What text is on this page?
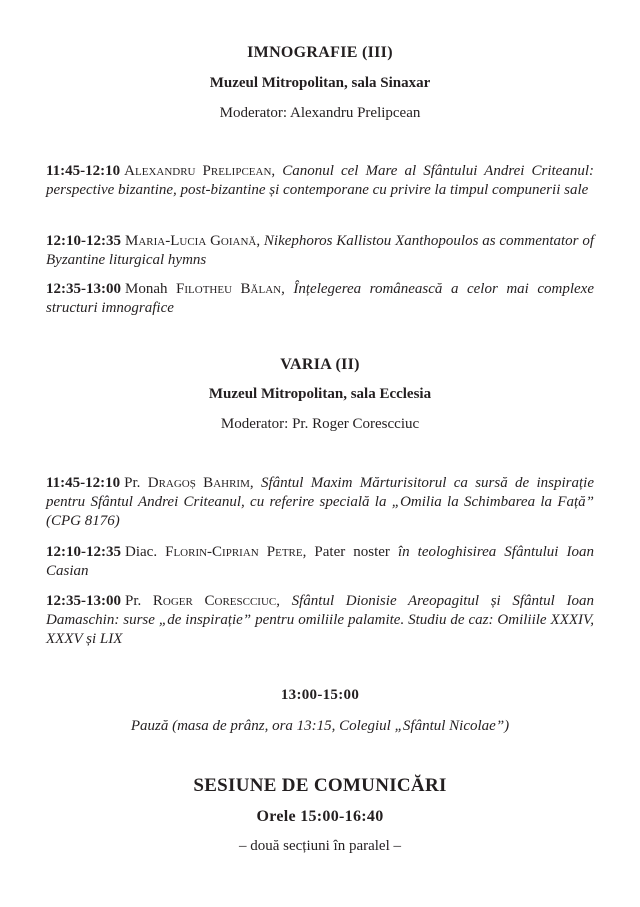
IMNOGRAFIE (III)
Muzeul Mitropolitan, sala Sinaxar
Moderator: Alexandru Prelipcean
11:45-12:10 Alexandru Prelipcean, Canonul cel Mare al Sfântului Andrei Criteanul: perspective bizantine, post-bizantine și contemporane cu privire la timpul compunerii sale
12:10-12:35 Maria-Lucia Goiană, Nikephoros Kallistou Xanthopoulos as commentator of Byzantine liturgical hymns
12:35-13:00 Monah Filotheu Bălan, Înțelegerea românească a celor mai complexe structuri imnografice
VARIA (II)
Muzeul Mitropolitan, sala Ecclesia
Moderator: Pr. Roger Corescciuc
11:45-12:10 Pr. Dragoș Bahrim, Sfântul Maxim Mărturisitorul ca sursă de inspirație pentru Sfântul Andrei Criteanul, cu referire specială la „Omilia la Schimbarea la Față” (CPG 8176)
12:10-12:35 Diac. Florin-Ciprian Petre, Pater noster în teologhisirea Sfântului Ioan Casian
12:35-13:00 Pr. Roger Corescciuc, Sfântul Dionisie Areopagitul și Sfântul Ioan Damaschin: surse „de inspirație” pentru omiliile palamite. Studiu de caz: Omiliile XXXIV, XXXV și LIX
13:00-15:00
Pauză (masa de prânz, ora 13:15, Colegiul „Sfântul Nicolae”)
SESIUNE DE COMUNICĂRI
Orele 15:00-16:40
– două secțiuni în paralel –
